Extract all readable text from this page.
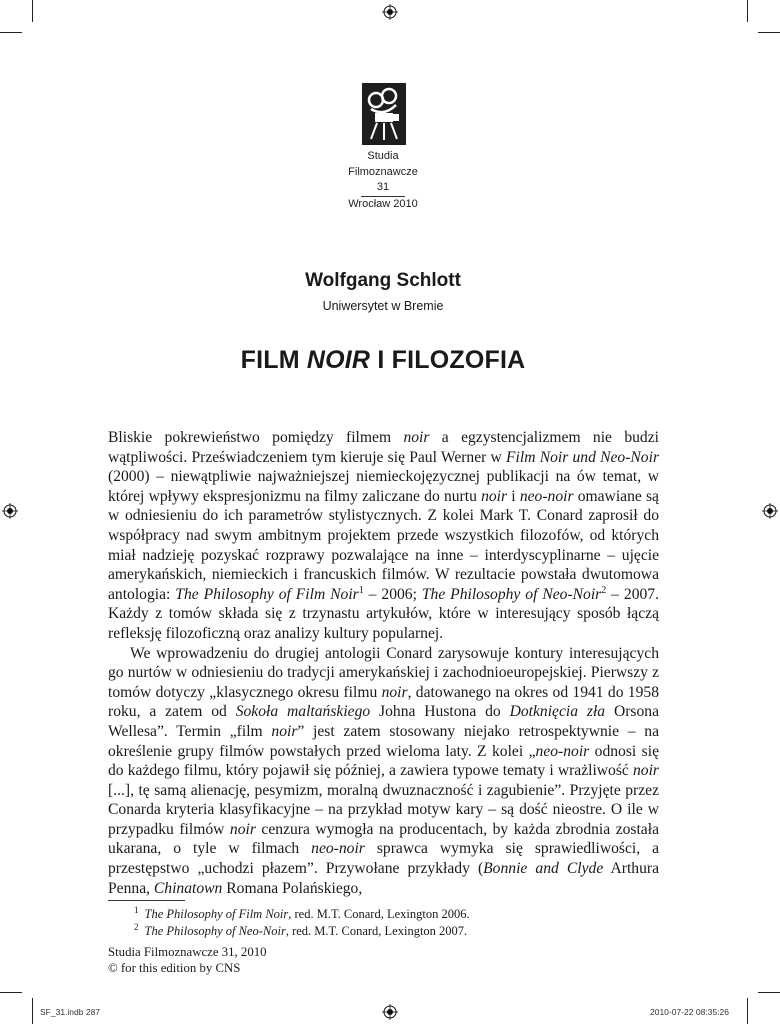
Studia
Filmoznawcze
31
Wrocław 2010
Wolfgang Schlott
Uniwersytet w Bremie
FILM NOIR I FILOZOFIA

Bliskie pokrewieństwo pomiędzy filmem noir a egzystencjalizmem nie budzi wątpliwości. Przeświadczeniem tym kieruje się Paul Werner w Film Noir und Neo-Noir (2000) – niewątpliwie najważniejszej niemieckojęzycznej publikacji na ów temat, w której wpływy ekspresjonizmu na filmy zaliczane do nurtu noir i neo-noir omawiane są w odniesieniu do ich parametrów stylistycznych. Z kolei Mark T. Conard zaprosił do współpracy nad swym ambitnym projektem przede wszystkich filozofów, od których miał nadzieję pozyskać rozprawy pozwalające na inne – interdyscyplinarne – ujęcie amerykańskich, niemieckich i francuskich filmów. W rezultacie powstała dwutomowa antologia: The Philosophy of Film Noir$^1$ – 2006; The Philosophy of Neo-Noir$^2$ – 2007. Każdy z tomów składa się z trzynastu artykułów, które w interesujący sposób łączą refleksję filozoficzną oraz analizy kultury popularnej.

We wprowadzeniu do drugiej antologii Conard zarysowuje kontury interesujących go nurtów w odniesieniu do tradycji amerykańskiej i zachodnioeuropejskiej. Pierwszy z tomów dotyczy „klasycznego okresu filmu noir, datowanego na okres od 1941 do 1958 roku, a zatem od Sokoła maltańskiego Johna Hustona do Dotknięcia zła Orsona Wellesa”. Termin „film noir” jest zatem stosowany niejako retrospektywnie – na określenie grupy filmów powstałych przed wieloma laty. Z kolei „neo-noir odnosi się do każdego filmu, który pojawił się później, a zawiera typowe tematy i wrażliwość noir [...], tę samą alienację, pesymizm, moralną dwuznaczność i zagubienie”. Przyjęte przez Conarda kryteria klasyfikacyjne – na przykład motyw kary – są dość nieostre. O ile w przypadku filmów noir cenzura wymogła na producentach, by każda zbrodnia została ukarana, o tyle w filmach neo-noir sprawca wymyka się sprawiedliwości, a przestępstwo „uchodzi płazem”. Przywołane przykłady (Bonnie and Clyde Arthura Penna, Chinatown Romana Polańskiego,

$^1$ The Philosophy of Film Noir, red. M.T. Conard, Lexington 2006.
$^2$ The Philosophy of Neo-Noir, red. M.T. Conard, Lexington 2007.
Studia Filmoznawcze 31, 2010
© for this edition by CNS
SF_31.indb 287	2010-07-22 08:35:26
